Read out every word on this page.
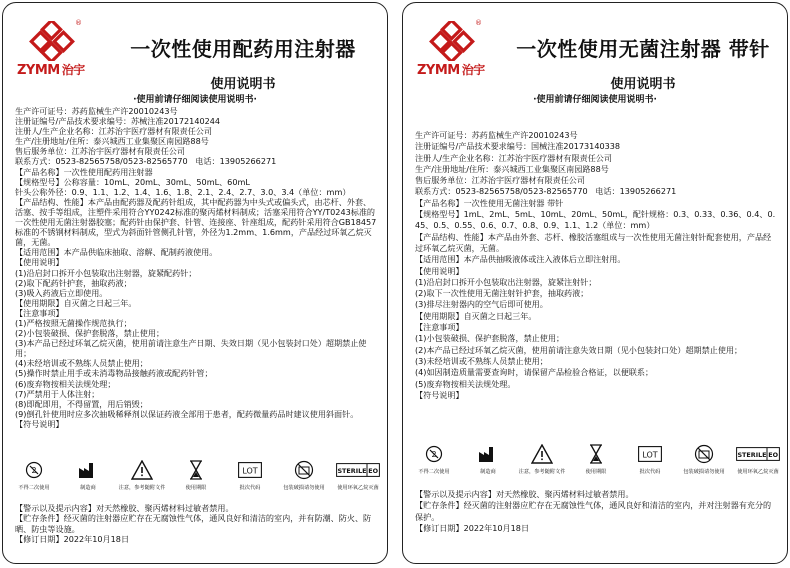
®
ZYMM 治宇
一次性使用配药用注射器
使用说明书
·使用前请仔细阅读使用说明书·
生产许可证号：苏药监械生产许20010243号
注册证编号/产品技术要求编号：苏械注准20172140244
注册人/生产企业名称：江苏治宇医疗器材有限责任公司
生产/注册地址/住所：泰兴城西工业集聚区南园路88号
售后服务单位：江苏治宇医疗器材有限责任公司
联系方式：0523-82565758/0523-82565770   电话：13905266271
【产品名称】一次性使用配药用注射器
【规格型号】公称容量：10mL、20mL、30mL、50mL、60mL
针头公称外径：0.9、1.1、1.2、1.4、1.6、1.8、2.1、2.4、2.7、3.0、3.4（单位：mm）
【产品结构、性能】本产品由配药器及配药针组成，其中配药器为中头式或偏头式，由芯杆、外套、活塞、按手等组成，注塑件采用符合YY0242标准的聚丙烯材料制成；活塞采用符合YY/T0243标准的一次性使用无菌注射器胶塞；配药针由保护套、针管、连接座、针座组成，配药针采用符合GB18457标准的不锈钢材料制成，型式为斜面针管侧孔针管，外径为1.2mm、1.6mm，产品经过环氧乙烷灭菌，无菌。
【适用范围】本产品供临床抽取、溶解、配制药液使用。
【使用说明】
(1)沿启封口拆开小包装取出注射器，旋紧配药针；
(2)取下配药针护套，抽取药液；
(3)吸入药液后立即使用。
【使用期限】自灭菌之日起三年。
【注意事项】
(1)严格按照无菌操作规范执行；
(2)小包装破损、保护套脱落，禁止使用；
(3)本产品已经过环氧乙烷灭菌，使用前请注意生产日期、失效日期（见小包装封口处）超期禁止使用；
(4)未经培训或不熟练人员禁止使用；
(5)操作时禁止用手或未消毒物品接触药液或配药针管；
(6)废弃物按相关法规处理；
(7)严禁用于人体注射；
(8)即配即用，不得留置，用后销毁；
(9)倒孔针使用时应多次抽吸稀释剂以保证药液全部用于患者，配药微量药品时建议使用斜面针。
【符号说明】
2
不得二次使用	制造商	注意，参考随附文件	使用期限
LOT
批次代码	包装破损请勿使用
STERILE EO
使用环氧乙烷灭菌
【警示以及提示内容】对天然橡胶、聚丙烯材料过敏者禁用。
【贮存条件】经灭菌的注射器应贮存在无腐蚀性气体，通风良好和清洁的室内，并有防潮、防火、防晒、防虫等设施。
【修订日期】2022年10月18日
®
ZYMM 治宇
一次性使用无菌注射器 带针
使用说明书
·使用前请仔细阅读使用说明书·
生产许可证号：苏药监械生产许20010243号
注册证编号/产品技术要求编号：国械注准20173140338
注册人/生产企业名称：江苏治宇医疗器材有限责任公司
生产/注册地址/住所：泰兴城西工业集聚区南园路88号
售后服务单位：江苏治宇医疗器材有限责任公司
联系方式：0523-82565758/0523-82565770   电话：13905266271
【产品名称】一次性使用无菌注射器 带针
【规格型号】1mL、2mL、5mL、10mL、20mL、50mL，配针规格：0.3、0.33、0.36、0.4、0.45、0.5、0.55、0.6、0.7、0.8、0.9、1.1、1.2（单位：mm）
【产品结构、性能】本产品由外套、芯杆、橡胶活塞组成与一次性使用无菌注射针配套使用，产品经过环氧乙烷灭菌，无菌。
【适用范围】本产品供抽吸液体或注入液体后立即注射用。
【使用说明】
(1)沿启封口拆开小包装取出注射器，旋紧注射针；
(2)取下一次性使用无菌注射针护套，抽取药液；
(3)排尽注射器内的空气后即可使用。
【使用期限】自灭菌之日起三年。
【注意事项】
(1)小包装破损、保护套脱落，禁止使用；
(2)本产品已经过环氧乙烷灭菌，使用前请注意失效日期（见小包装封口处）超期禁止使用；
(3)未经培训或不熟练人员禁止使用；
(4)如因制造质量需要查询时，请保留产品检验合格证，以便联系；
(5)废弃物按相关法规处理。
【符号说明】
2
不得二次使用	制造商	注意，参考随附文件	使用期限
LOT
批次代码	包装破损请勿使用
STERILE EO
使用环氧乙烷灭菌
【警示以及提示内容】对天然橡胶、聚丙烯材料过敏者禁用。
【贮存条件】经灭菌的注射器应贮存在无腐蚀性气体，通风良好和清洁的室内，并对注射器有充分的保护。
【修订日期】2022年10月18日
